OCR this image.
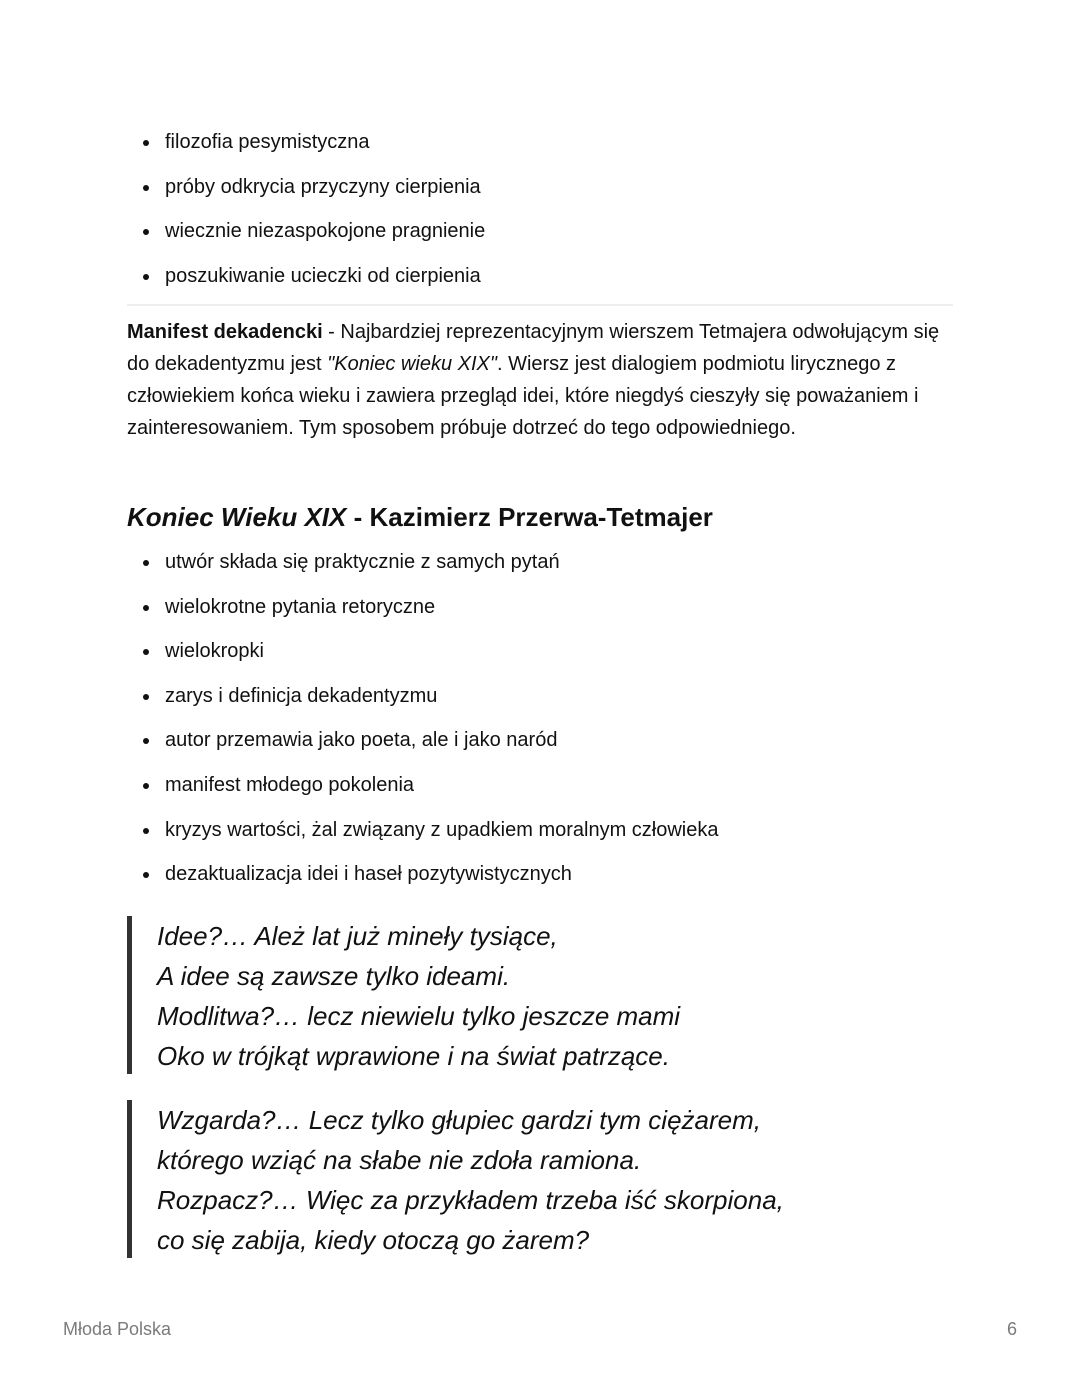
filozofia pesymistyczna
próby odkrycia przyczyny cierpienia
wiecznie niezaspokojone pragnienie
poszukiwanie ucieczki od cierpienia

Manifest dekadencki - Najbardziej reprezentacyjnym wierszem Tetmajera odwołującym się do dekadentyzmu jest "Koniec wieku XIX". Wiersz jest dialogiem podmiotu lirycznego z człowiekiem końca wieku i zawiera przegląd idei, które niegdyś cieszyły się poważaniem i zainteresowaniem. Tym sposobem próbuje dotrzeć do tego odpowiedniego.

Koniec Wieku XIX - Kazimierz Przerwa-Tetmajer
utwór składa się praktycznie z samych pytań
wielokrotne pytania retoryczne
wielokropki
zarys i definicja dekadentyzmu
autor przemawia jako poeta, ale i jako naród
manifest młodego pokolenia
kryzys wartości, żal związany z upadkiem moralnym człowieka
dezaktualizacja idei i haseł pozytywistycznych
Idee?… Ależ lat już mineły tysiące,
A idee są zawsze tylko ideami.
Modlitwa?… lecz niewielu tylko jeszcze mami
Oko w trójkąt wprawione i na świat patrzące.
Wzgarda?… Lecz tylko głupiec gardzi tym ciężarem,
którego wziąć na słabe nie zdoła ramiona.
Rozpacz?… Więc za przykładem trzeba iść skorpiona,
co się zabija, kiedy otoczą go żarem?
Młoda Polska	6
